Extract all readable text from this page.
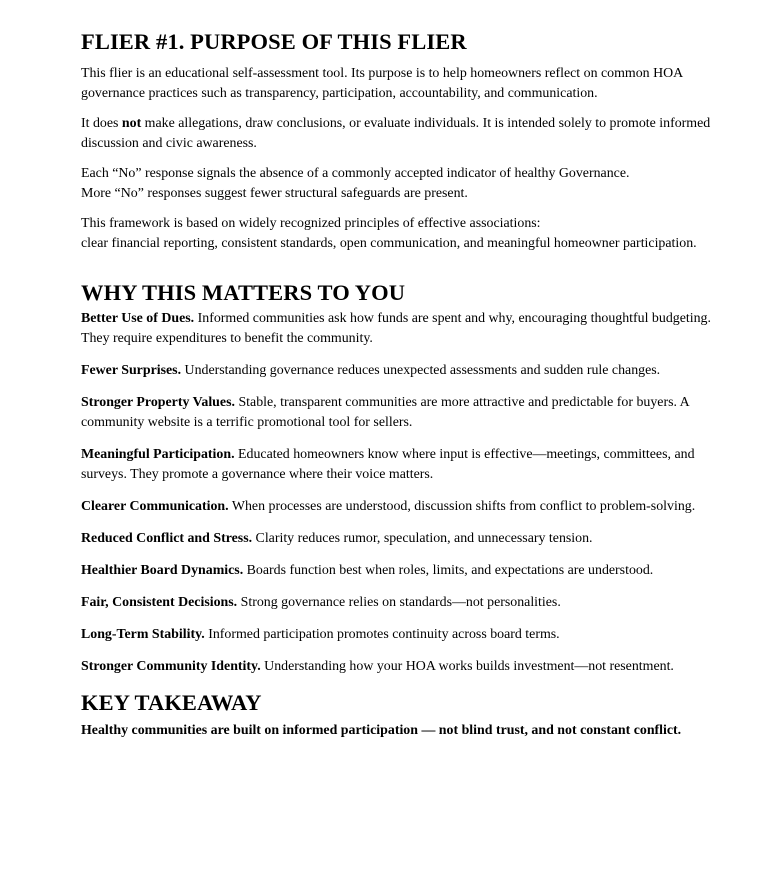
FLIER #1. PURPOSE OF THIS FLIER

This flier is an educational self-assessment tool. Its purpose is to help homeowners reflect on common HOA governance practices such as transparency, participation, accountability, and communication.

It does not make allegations, draw conclusions, or evaluate individuals. It is intended solely to promote informed discussion and civic awareness.

Each “No” response signals the absence of a commonly accepted indicator of healthy Governance.
More “No” responses suggest fewer structural safeguards are present.

This framework is based on widely recognized principles of effective associations:
clear financial reporting, consistent standards, open communication, and meaningful homeowner participation.

WHY THIS MATTERS TO YOU

Better Use of Dues. Informed communities ask how funds are spent and why, encouraging thoughtful budgeting. They require expenditures to benefit the community.

Fewer Surprises. Understanding governance reduces unexpected assessments and sudden rule changes.

Stronger Property Values. Stable, transparent communities are more attractive and predictable for buyers. A community website is a terrific promotional tool for sellers.

Meaningful Participation. Educated homeowners know where input is effective—meetings, committees, and surveys. They promote a governance where their voice matters.

Clearer Communication. When processes are understood, discussion shifts from conflict to problem-solving.

Reduced Conflict and Stress. Clarity reduces rumor, speculation, and unnecessary tension.

Healthier Board Dynamics. Boards function best when roles, limits, and expectations are understood.

Fair, Consistent Decisions. Strong governance relies on standards—not personalities.

Long-Term Stability. Informed participation promotes continuity across board terms.

Stronger Community Identity. Understanding how your HOA works builds investment—not resentment.

KEY TAKEAWAY

Healthy communities are built on informed participation — not blind trust, and not constant conflict.
